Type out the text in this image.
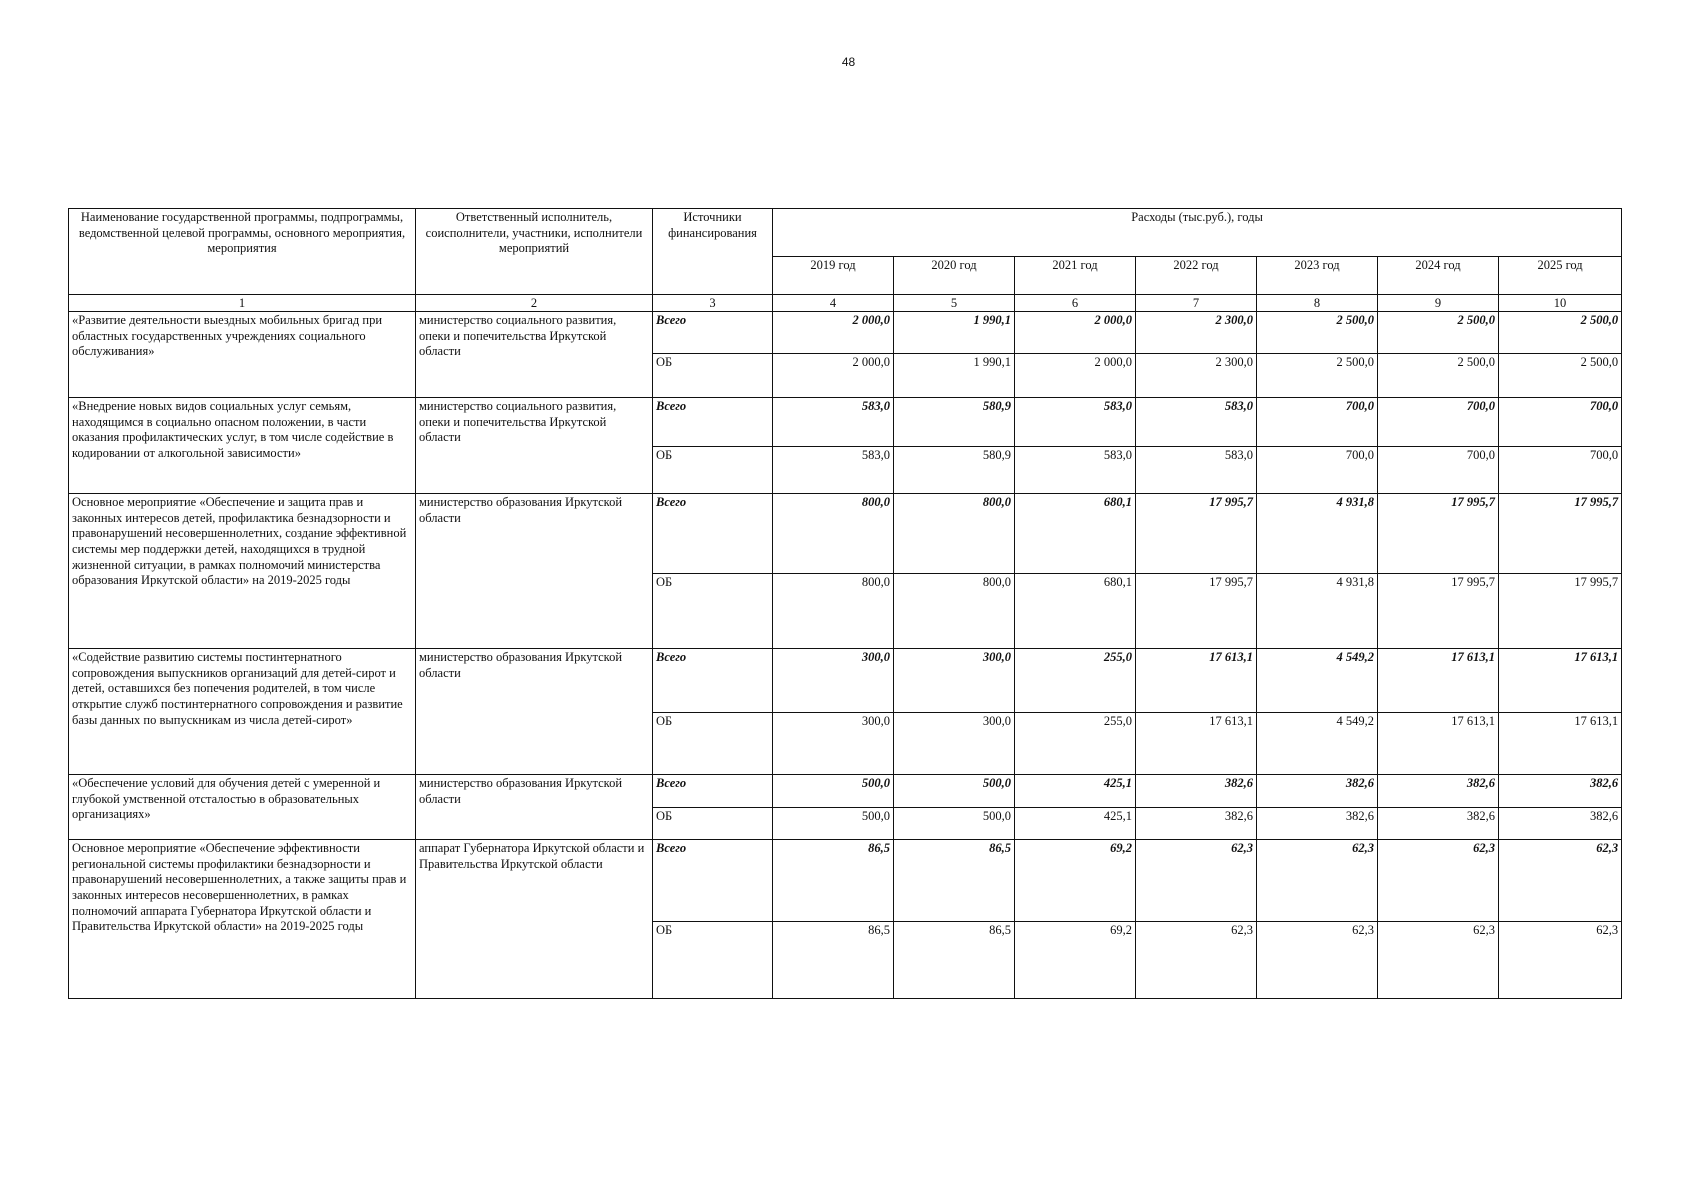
48
Наименование государственной программы, подпрограммы, ведомственной целевой программы, основного мероприятия, мероприятия	Ответственный исполнитель, соисполнители, участники, исполнители мероприятий	Источники финансирования	Расходы (тыс.руб.), годы						
			2019 год	2020 год	2021 год	2022 год	2023 год	2024 год	2025 год
1	2	3	4	5	6	7	8	9	10
«Развитие деятельности выездных мобильных бригад при областных государственных учреждениях социального обслуживания»	министерство социального развития, опеки и попечительства Иркутской области	Всего	2 000,0	1 990,1	2 000,0	2 300,0	2 500,0	2 500,0	2 500,0
		ОБ	2 000,0	1 990,1	2 000,0	2 300,0	2 500,0	2 500,0	2 500,0
«Внедрение новых видов социальных услуг семьям, находящимся в социально опасном положении, в части оказания профилактических услуг, в том числе содействие в кодировании от алкогольной зависимости»	министерство социального развития, опеки и попечительства Иркутской области	Всего	583,0	580,9	583,0	583,0	700,0	700,0	700,0
		ОБ	583,0	580,9	583,0	583,0	700,0	700,0	700,0
Основное мероприятие «Обеспечение и защита прав и законных интересов детей, профилактика безнадзорности и правонарушений несовершеннолетних, создание эффективной системы мер поддержки детей, находящихся в трудной жизненной ситуации, в рамках полномочий министерства образования Иркутской области» на 2019-2025 годы	министерство образования Иркутской области	Всего	800,0	800,0	680,1	17 995,7	4 931,8	17 995,7	17 995,7
		ОБ	800,0	800,0	680,1	17 995,7	4 931,8	17 995,7	17 995,7
«Содействие развитию системы постинтернатного сопровождения выпускников организаций для детей-сирот и детей, оставшихся без попечения родителей, в том числе открытие служб постинтернатного сопровождения и развитие базы данных по выпускникам из числа детей-сирот»	министерство образования Иркутской области	Всего	300,0	300,0	255,0	17 613,1	4 549,2	17 613,1	17 613,1
		ОБ	300,0	300,0	255,0	17 613,1	4 549,2	17 613,1	17 613,1
«Обеспечение условий для обучения детей с умеренной и глубокой умственной отсталостью в образовательных организациях»	министерство образования Иркутской области	Всего	500,0	500,0	425,1	382,6	382,6	382,6	382,6
		ОБ	500,0	500,0	425,1	382,6	382,6	382,6	382,6
Основное мероприятие «Обеспечение эффективности региональной системы профилактики безнадзорности и правонарушений несовершеннолетних, а также защиты прав и законных интересов несовершеннолетних, в рамках полномочий аппарата Губернатора Иркутской области и Правительства Иркутской области» на 2019-2025 годы	аппарат Губернатора Иркутской области и Правительства Иркутской области	Всего	86,5	86,5	69,2	62,3	62,3	62,3	62,3
		ОБ	86,5	86,5	69,2	62,3	62,3	62,3	62,3
